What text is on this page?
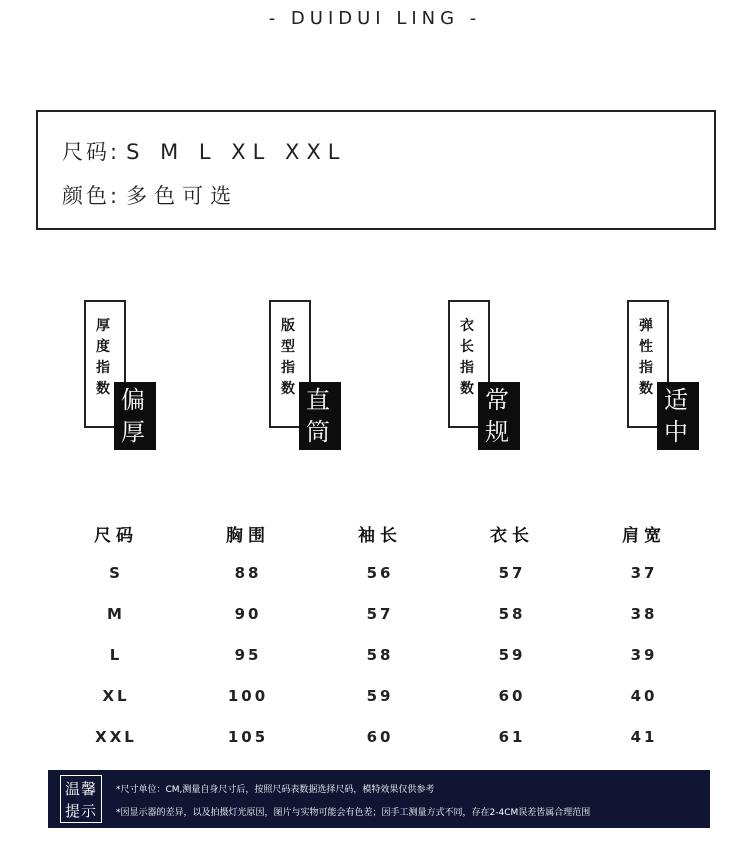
- DUIDUI LING -
尺码: S M L XL XXL
颜色: 多色可选
厚度指数 偏厚
版型指数 直筒
衣长指数 常规
弹性指数 适中
尺码	胸围	袖长	衣长	肩宽
S	88	56	57	37
M	90	57	58	38
L	95	58	59	39
XL	100	59	60	40
XXL	105	60	61	41
温馨
提示
*尺寸单位：CM,测量自身尺寸后，按照尺码表数据选择尺码，模特效果仅供参考
*因显示器的差异，以及拍摄灯光原因，图片与实物可能会有色差；因手工测量方式不同，存在2-4CM误差皆属合理范围
